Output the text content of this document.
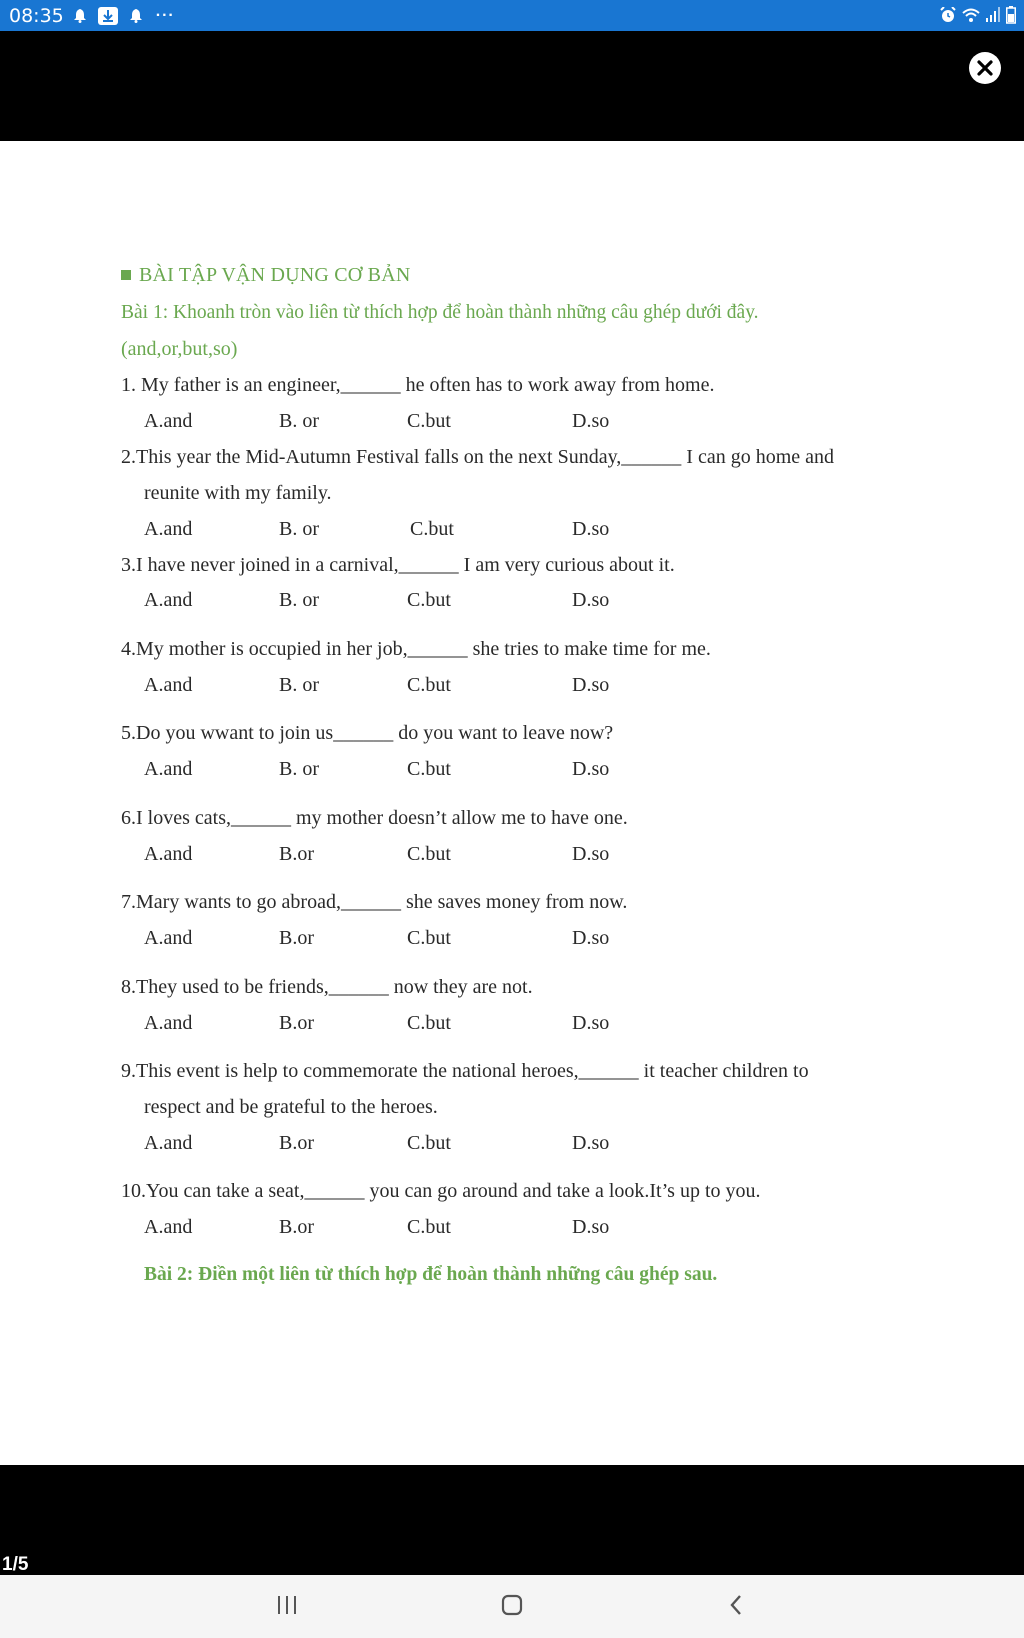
08:35	···
BÀI TẬP VẬN DỤNG CƠ BẢN
Bài 1: Khoanh tròn vào liên từ thích hợp để hoàn thành những câu ghép dưới đây.
(and,or,but,so)
1. My father is an engineer,______ he often has to work away from home.
A.and	B. or	C.but	D.so
2.This year the Mid-Autumn Festival falls on the next Sunday,______ I can go home and
reunite with my family.
A.and	B. or	C.but	D.so
3.I have never joined in a carnival,______ I am very curious about it.
A.and	B. or	C.but	D.so
4.My mother is occupied in her job,______ she tries to make time for me.
A.and	B. or	C.but	D.so
5.Do you wwant to join us______ do you want to leave now?
A.and	B. or	C.but	D.so
6.I loves cats,______ my mother doesn’t allow me to have one.
A.and	B.or	C.but	D.so
7.Mary wants to go abroad,______ she saves money from now.
A.and	B.or	C.but	D.so
8.They used to be friends,______ now they are not.
A.and	B.or	C.but	D.so
9.This event is help to commemorate the national heroes,______ it teacher children to
respect and be grateful to the heroes.
A.and	B.or	C.but	D.so
10.You can take a seat,______ you can go around and take a look.It’s up to you.
A.and	B.or	C.but	D.so
Bài 2: Điền một liên từ thích hợp để hoàn thành những câu ghép sau.
1/5
